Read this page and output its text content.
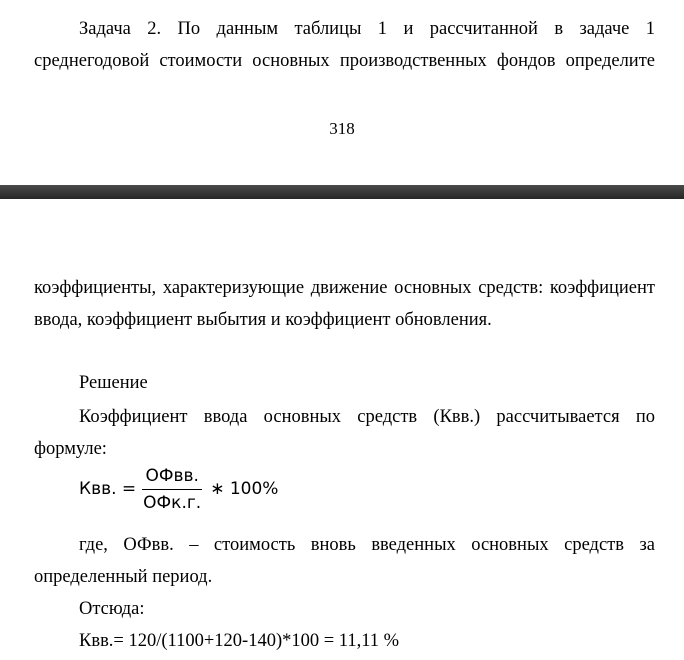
Задача 2. По данным таблицы 1 и рассчитанной в задаче 1
среднегодовой стоимости основных производственных фондов определите
318
коэффициенты, характеризующие движение основных средств: коэффициент
ввода, коэффициент выбытия и коэффициент обновления.
Решение
Коэффициент ввода основных средств (Квв.) рассчитывается по
формуле:
Квв. = $\frac{\text{ОФвв.}}{\text{ОФк.г.}}$ ∗ 100%
где, ОФвв. – стоимость вновь введенных основных средств за
определенный период.
Отсюда:
Квв.= 120/(1100+120-140)*100 = 11,11 %
